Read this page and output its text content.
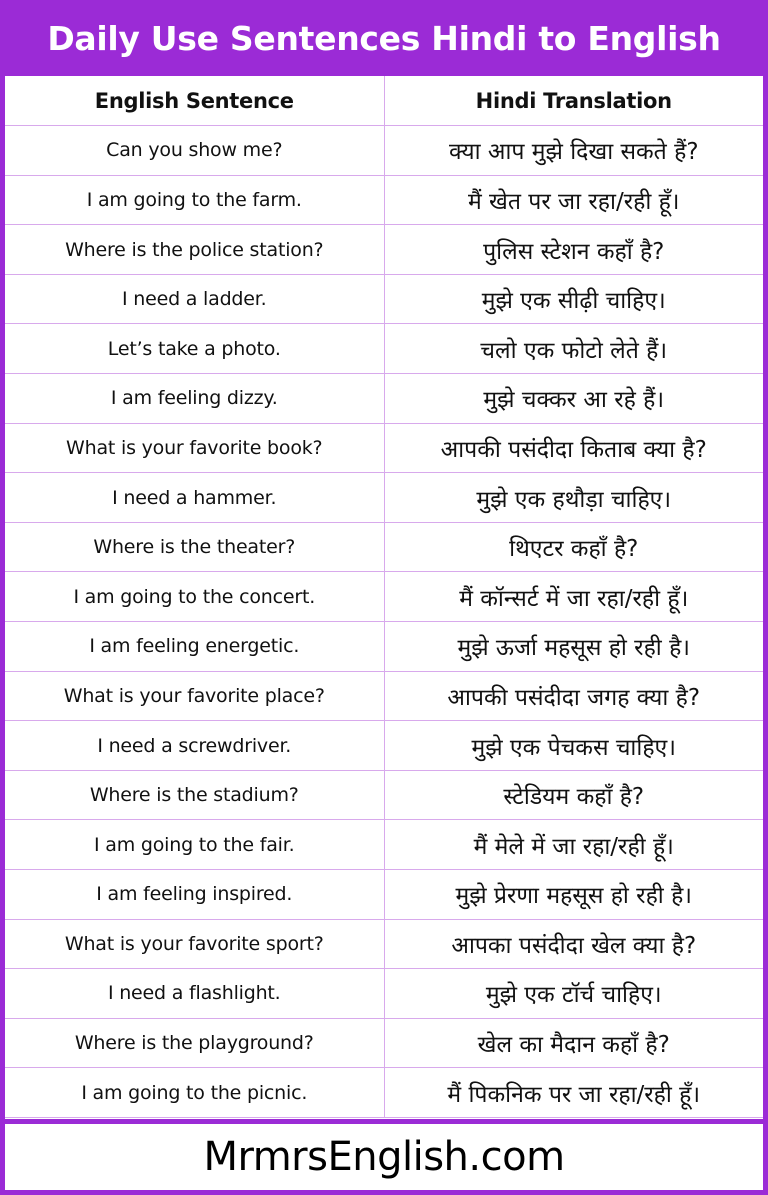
Daily Use Sentences Hindi to English
English Sentence	Hindi Translation
Can you show me?	क्या आप मुझे दिखा सकते हैं?
I am going to the farm.	मैं खेत पर जा रहा/रही हूँ।
Where is the police station?	पुलिस स्टेशन कहाँ है?
I need a ladder.	मुझे एक सीढ़ी चाहिए।
Let’s take a photo.	चलो एक फोटो लेते हैं।
I am feeling dizzy.	मुझे चक्कर आ रहे हैं।
What is your favorite book?	आपकी पसंदीदा किताब क्या है?
I need a hammer.	मुझे एक हथौड़ा चाहिए।
Where is the theater?	थिएटर कहाँ है?
I am going to the concert.	मैं कॉन्सर्ट में जा रहा/रही हूँ।
I am feeling energetic.	मुझे ऊर्जा महसूस हो रही है।
What is your favorite place?	आपकी पसंदीदा जगह क्या है?
I need a screwdriver.	मुझे एक पेचकस चाहिए।
Where is the stadium?	स्टेडियम कहाँ है?
I am going to the fair.	मैं मेले में जा रहा/रही हूँ।
I am feeling inspired.	मुझे प्रेरणा महसूस हो रही है।
What is your favorite sport?	आपका पसंदीदा खेल क्या है?
I need a flashlight.	मुझे एक टॉर्च चाहिए।
Where is the playground?	खेल का मैदान कहाँ है?
I am going to the picnic.	मैं पिकनिक पर जा रहा/रही हूँ।
MrmrsEnglish.com
